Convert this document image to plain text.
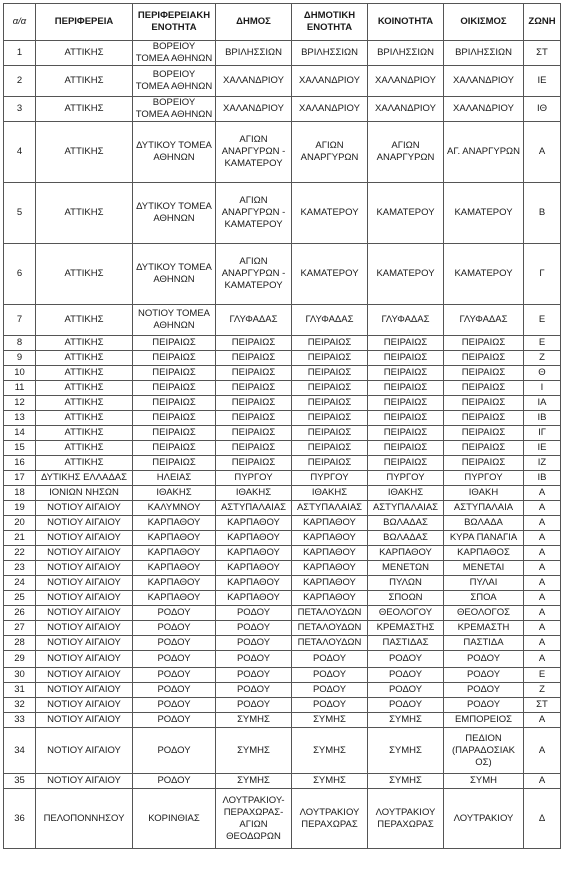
α/α	ΠΕΡΙΦΕΡΕΙΑ	ΠΕΡΙΦΕΡΕΙΑΚΗ ΕΝΟΤΗΤΑ	ΔΗΜΟΣ	ΔΗΜΟΤΙΚΗ ΕΝΟΤΗΤΑ	ΚΟΙΝΟΤΗΤΑ	ΟΙΚΙΣΜΟΣ	ΖΩΝΗ
1	ΑΤΤΙΚΗΣ	ΒΟΡΕΙΟΥ ΤΟΜΕΑ ΑΘΗΝΩΝ	ΒΡΙΛΗΣΣΙΩΝ	ΒΡΙΛΗΣΣΙΩΝ	ΒΡΙΛΗΣΣΙΩΝ	ΒΡΙΛΗΣΣΙΩΝ	ΣΤ
2	ΑΤΤΙΚΗΣ	ΒΟΡΕΙΟΥ ΤΟΜΕΑ ΑΘΗΝΩΝ	ΧΑΛΑΝΔΡΙΟΥ	ΧΑΛΑΝΔΡΙΟΥ	ΧΑΛΑΝΔΡΙΟΥ	ΧΑΛΑΝΔΡΙΟΥ	ΙΕ
3	ΑΤΤΙΚΗΣ	ΒΟΡΕΙΟΥ ΤΟΜΕΑ ΑΘΗΝΩΝ	ΧΑΛΑΝΔΡΙΟΥ	ΧΑΛΑΝΔΡΙΟΥ	ΧΑΛΑΝΔΡΙΟΥ	ΧΑΛΑΝΔΡΙΟΥ	ΙΘ
4	ΑΤΤΙΚΗΣ	ΔΥΤΙΚΟΥ ΤΟΜΕΑ ΑΘΗΝΩΝ	ΑΓΙΩΝ ΑΝΑΡΓΥΡΩΝ - ΚΑΜΑΤΕΡΟΥ	ΑΓΙΩΝ ΑΝΑΡΓΥΡΩΝ	ΑΓΙΩΝ ΑΝΑΡΓΥΡΩΝ	ΑΓ. ΑΝΑΡΓΥΡΩΝ	Α
5	ΑΤΤΙΚΗΣ	ΔΥΤΙΚΟΥ ΤΟΜΕΑ ΑΘΗΝΩΝ	ΑΓΙΩΝ ΑΝΑΡΓΥΡΩΝ - ΚΑΜΑΤΕΡΟΥ	ΚΑΜΑΤΕΡΟΥ	ΚΑΜΑΤΕΡΟΥ	ΚΑΜΑΤΕΡΟΥ	Β
6	ΑΤΤΙΚΗΣ	ΔΥΤΙΚΟΥ ΤΟΜΕΑ ΑΘΗΝΩΝ	ΑΓΙΩΝ ΑΝΑΡΓΥΡΩΝ - ΚΑΜΑΤΕΡΟΥ	ΚΑΜΑΤΕΡΟΥ	ΚΑΜΑΤΕΡΟΥ	ΚΑΜΑΤΕΡΟΥ	Γ
7	ΑΤΤΙΚΗΣ	ΝΟΤΙΟΥ ΤΟΜΕΑ ΑΘΗΝΩΝ	ΓΛΥΦΑΔΑΣ	ΓΛΥΦΑΔΑΣ	ΓΛΥΦΑΔΑΣ	ΓΛΥΦΑΔΑΣ	Ε
8	ΑΤΤΙΚΗΣ	ΠΕΙΡΑΙΩΣ	ΠΕΙΡΑΙΩΣ	ΠΕΙΡΑΙΩΣ	ΠΕΙΡΑΙΩΣ	ΠΕΙΡΑΙΩΣ	Ε
9	ΑΤΤΙΚΗΣ	ΠΕΙΡΑΙΩΣ	ΠΕΙΡΑΙΩΣ	ΠΕΙΡΑΙΩΣ	ΠΕΙΡΑΙΩΣ	ΠΕΙΡΑΙΩΣ	Ζ
10	ΑΤΤΙΚΗΣ	ΠΕΙΡΑΙΩΣ	ΠΕΙΡΑΙΩΣ	ΠΕΙΡΑΙΩΣ	ΠΕΙΡΑΙΩΣ	ΠΕΙΡΑΙΩΣ	Θ
11	ΑΤΤΙΚΗΣ	ΠΕΙΡΑΙΩΣ	ΠΕΙΡΑΙΩΣ	ΠΕΙΡΑΙΩΣ	ΠΕΙΡΑΙΩΣ	ΠΕΙΡΑΙΩΣ	Ι
12	ΑΤΤΙΚΗΣ	ΠΕΙΡΑΙΩΣ	ΠΕΙΡΑΙΩΣ	ΠΕΙΡΑΙΩΣ	ΠΕΙΡΑΙΩΣ	ΠΕΙΡΑΙΩΣ	ΙΑ
13	ΑΤΤΙΚΗΣ	ΠΕΙΡΑΙΩΣ	ΠΕΙΡΑΙΩΣ	ΠΕΙΡΑΙΩΣ	ΠΕΙΡΑΙΩΣ	ΠΕΙΡΑΙΩΣ	ΙΒ
14	ΑΤΤΙΚΗΣ	ΠΕΙΡΑΙΩΣ	ΠΕΙΡΑΙΩΣ	ΠΕΙΡΑΙΩΣ	ΠΕΙΡΑΙΩΣ	ΠΕΙΡΑΙΩΣ	ΙΓ
15	ΑΤΤΙΚΗΣ	ΠΕΙΡΑΙΩΣ	ΠΕΙΡΑΙΩΣ	ΠΕΙΡΑΙΩΣ	ΠΕΙΡΑΙΩΣ	ΠΕΙΡΑΙΩΣ	ΙΕ
16	ΑΤΤΙΚΗΣ	ΠΕΙΡΑΙΩΣ	ΠΕΙΡΑΙΩΣ	ΠΕΙΡΑΙΩΣ	ΠΕΙΡΑΙΩΣ	ΠΕΙΡΑΙΩΣ	ΙΖ
17	ΔΥΤΙΚΗΣ ΕΛΛΑΔΑΣ	ΗΛΕΙΑΣ	ΠΥΡΓΟΥ	ΠΥΡΓΟΥ	ΠΥΡΓΟΥ	ΠΥΡΓΟΥ	ΙΒ
18	ΙΟΝΙΩΝ ΝΗΣΩΝ	ΙΘΑΚΗΣ	ΙΘΑΚΗΣ	ΙΘΑΚΗΣ	ΙΘΑΚΗΣ	ΙΘΑΚΗ	Α
19	ΝΟΤΙΟΥ ΑΙΓΑΙΟΥ	ΚΑΛΥΜΝΟΥ	ΑΣΤΥΠΑΛΑΙΑΣ	ΑΣΤΥΠΑΛΑΙΑΣ	ΑΣΤΥΠΑΛΑΙΑΣ	ΑΣΤΥΠΑΛΑΙΑ	Α
20	ΝΟΤΙΟΥ ΑΙΓΑΙΟΥ	ΚΑΡΠΑΘΟΥ	ΚΑΡΠΑΘΟΥ	ΚΑΡΠΑΘΟΥ	ΒΩΛΑΔΑΣ	ΒΩΛΑΔΑ	Α
21	ΝΟΤΙΟΥ ΑΙΓΑΙΟΥ	ΚΑΡΠΑΘΟΥ	ΚΑΡΠΑΘΟΥ	ΚΑΡΠΑΘΟΥ	ΒΩΛΑΔΑΣ	ΚΥΡΑ ΠΑΝΑΓΙΑ	Α
22	ΝΟΤΙΟΥ ΑΙΓΑΙΟΥ	ΚΑΡΠΑΘΟΥ	ΚΑΡΠΑΘΟΥ	ΚΑΡΠΑΘΟΥ	ΚΑΡΠΑΘΟΥ	ΚΑΡΠΑΘΟΣ	Α
23	ΝΟΤΙΟΥ ΑΙΓΑΙΟΥ	ΚΑΡΠΑΘΟΥ	ΚΑΡΠΑΘΟΥ	ΚΑΡΠΑΘΟΥ	ΜΕΝΕΤΩΝ	ΜΕΝΕΤΑΙ	Α
24	ΝΟΤΙΟΥ ΑΙΓΑΙΟΥ	ΚΑΡΠΑΘΟΥ	ΚΑΡΠΑΘΟΥ	ΚΑΡΠΑΘΟΥ	ΠΥΛΩΝ	ΠΥΛΑΙ	Α
25	ΝΟΤΙΟΥ ΑΙΓΑΙΟΥ	ΚΑΡΠΑΘΟΥ	ΚΑΡΠΑΘΟΥ	ΚΑΡΠΑΘΟΥ	ΣΠΟΩΝ	ΣΠΟΑ	Α
26	ΝΟΤΙΟΥ ΑΙΓΑΙΟΥ	ΡΟΔΟΥ	ΡΟΔΟΥ	ΠΕΤΑΛΟΥΔΩΝ	ΘΕΟΛΟΓΟΥ	ΘΕΟΛΟΓΟΣ	Α
27	ΝΟΤΙΟΥ ΑΙΓΑΙΟΥ	ΡΟΔΟΥ	ΡΟΔΟΥ	ΠΕΤΑΛΟΥΔΩΝ	ΚΡΕΜΑΣΤΗΣ	ΚΡΕΜΑΣΤΗ	Α
28	ΝΟΤΙΟΥ ΑΙΓΑΙΟΥ	ΡΟΔΟΥ	ΡΟΔΟΥ	ΠΕΤΑΛΟΥΔΩΝ	ΠΑΣΤΙΔΑΣ	ΠΑΣΤΙΔΑ	Α
29	ΝΟΤΙΟΥ ΑΙΓΑΙΟΥ	ΡΟΔΟΥ	ΡΟΔΟΥ	ΡΟΔΟΥ	ΡΟΔΟΥ	ΡΟΔΟΥ	Α
30	ΝΟΤΙΟΥ ΑΙΓΑΙΟΥ	ΡΟΔΟΥ	ΡΟΔΟΥ	ΡΟΔΟΥ	ΡΟΔΟΥ	ΡΟΔΟΥ	Ε
31	ΝΟΤΙΟΥ ΑΙΓΑΙΟΥ	ΡΟΔΟΥ	ΡΟΔΟΥ	ΡΟΔΟΥ	ΡΟΔΟΥ	ΡΟΔΟΥ	Ζ
32	ΝΟΤΙΟΥ ΑΙΓΑΙΟΥ	ΡΟΔΟΥ	ΡΟΔΟΥ	ΡΟΔΟΥ	ΡΟΔΟΥ	ΡΟΔΟΥ	ΣΤ
33	ΝΟΤΙΟΥ ΑΙΓΑΙΟΥ	ΡΟΔΟΥ	ΣΥΜΗΣ	ΣΥΜΗΣ	ΣΥΜΗΣ	ΕΜΠΟΡΕΙΟΣ	Α
34	ΝΟΤΙΟΥ ΑΙΓΑΙΟΥ	ΡΟΔΟΥ	ΣΥΜΗΣ	ΣΥΜΗΣ	ΣΥΜΗΣ	ΠΕΔΙΟΝ (ΠΑΡΑΔΟΣΙΑΚ ΟΣ)	Α
35	ΝΟΤΙΟΥ ΑΙΓΑΙΟΥ	ΡΟΔΟΥ	ΣΥΜΗΣ	ΣΥΜΗΣ	ΣΥΜΗΣ	ΣΥΜΗ	Α
36	ΠΕΛΟΠΟΝΝΗΣΟΥ	ΚΟΡΙΝΘΙΑΣ	ΛΟΥΤΡΑΚΙΟΥ- ΠΕΡΑΧΩΡΑΣ- ΑΓΙΩΝ ΘΕΟΔΩΡΩΝ	ΛΟΥΤΡΑΚΙΟΥ ΠΕΡΑΧΩΡΑΣ	ΛΟΥΤΡΑΚΙΟΥ ΠΕΡΑΧΩΡΑΣ	ΛΟΥΤΡΑΚΙΟΥ	Δ
